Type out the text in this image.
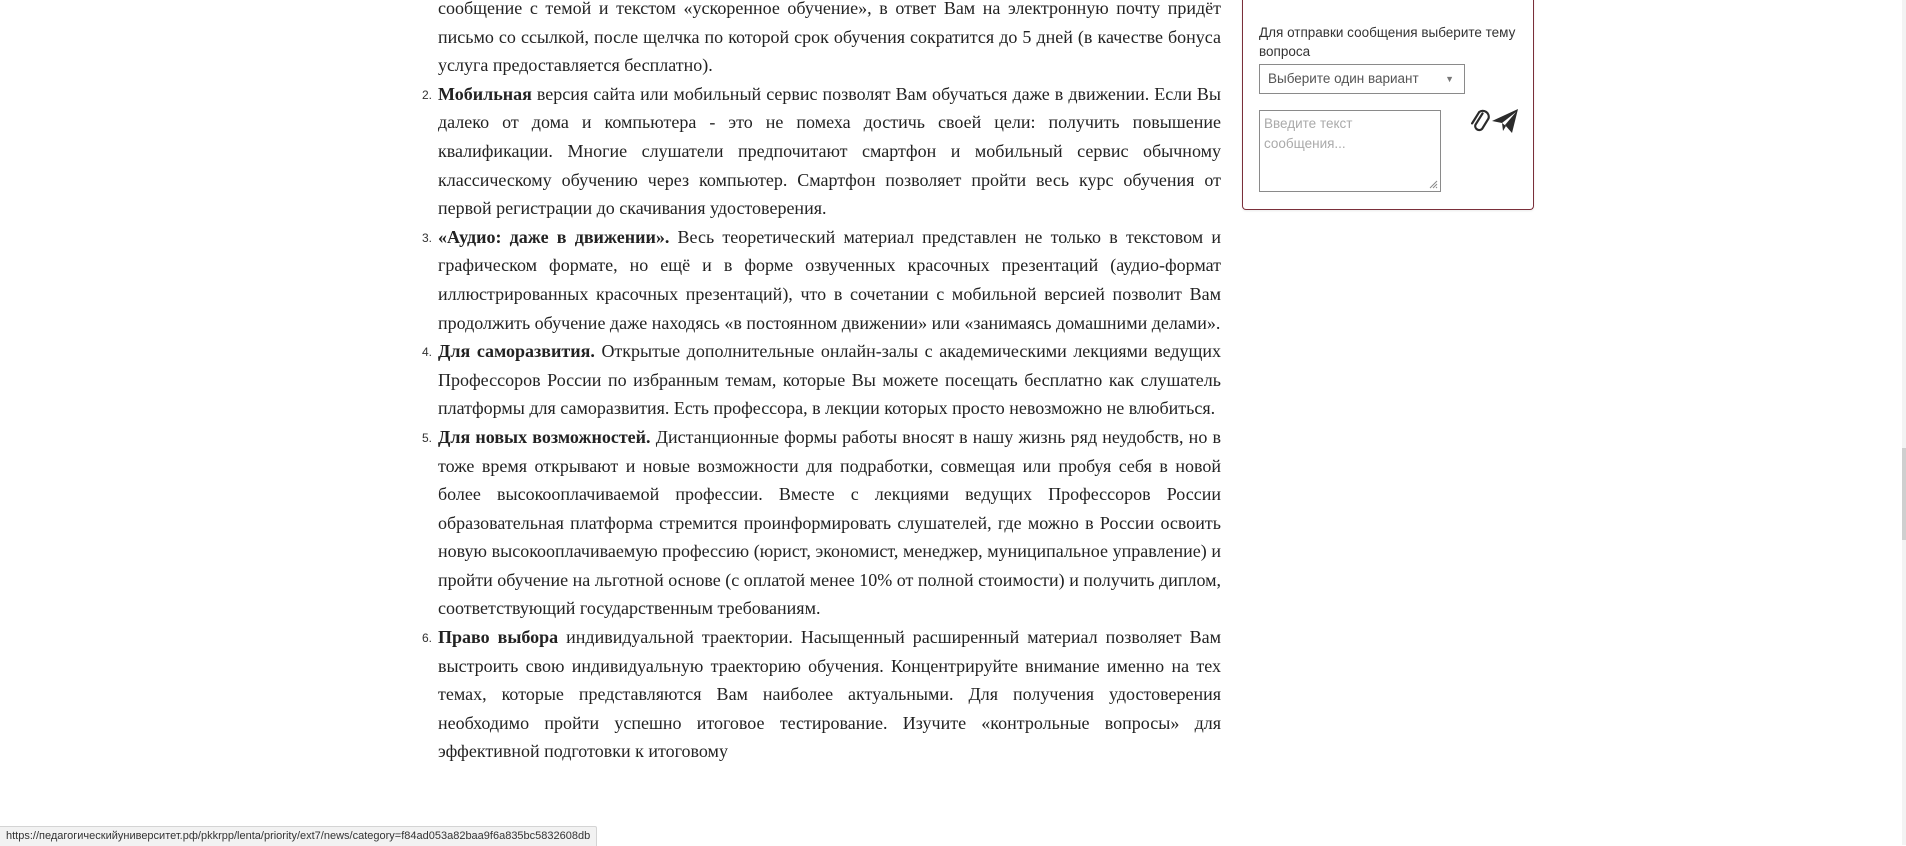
сообщение с темой и текстом «ускоренное обучение», в ответ Вам на электронную почту придёт письмо со ссылкой, после щелчка по которой срок обучения сократится до 5 дней (в качестве бонуса услуга предоставляется бесплатно).
2. Мобильная версия сайта или мобильный сервис позволят Вам обучаться даже в движении. Если Вы далеко от дома и компьютера - это не помеха достичь своей цели: получить повышение квалификации. Многие слушатели предпочитают смартфон и мобильный сервис обычному классическому обучению через компьютер. Смартфон позволяет пройти весь курс обучения от первой регистрации до скачивания удостоверения.
3. «Аудио: даже в движении». Весь теоретический материал представлен не только в текстовом и графическом формате, но ещё и в форме озвученных красочных презентаций (аудио-формат иллюстрированных красочных презентаций), что в сочетании с мобильной версией позволит Вам продолжить обучение даже находясь «в постоянном движении» или «занимаясь домашними делами».
4. Для саморазвития. Открытые дополнительные онлайн-залы с академическими лекциями ведущих Профессоров России по избранным темам, которые Вы можете посещать бесплатно как слушатель платформы для саморазвития. Есть профессора, в лекции которых просто невозможно не влюбиться.
5. Для новых возможностей. Дистанционные формы работы вносят в нашу жизнь ряд неудобств, но в тоже время открывают и новые возможности для подработки, совмещая или пробуя себя в новой более высокооплачиваемой профессии. Вместе с лекциями ведущих Профессоров России образовательная платформа стремится проинформировать слушателей, где можно в России освоить новую высокооплачиваемую профессию (юрист, экономист, менеджер, муниципальное управление) и пройти обучение на льготной основе (с оплатой менее 10% от полной стоимости) и получить диплом, соответствующий государственным требованиям.
6. Право выбора индивидуальной траектории. Насыщенный расширенный материал позволяет Вам выстроить свою индивидуальную траекторию обучения. Концентрируйте внимание именно на тех темах, которые представляются Вам наиболее актуальными. Для получения удостоверения необходимо пройти успешно итоговое тестирование. Изучите «контрольные вопросы» для эффективной подготовки к итоговому
Для отправки сообщения выберите тему вопроса
Выберите один вариант	▼
Введите текст сообщения...
https://педагогическийуниверситет.рф/pkkrpp/lenta/priority/ext7/news/category=f84ad053a82baa9f6a835bc5832608db
